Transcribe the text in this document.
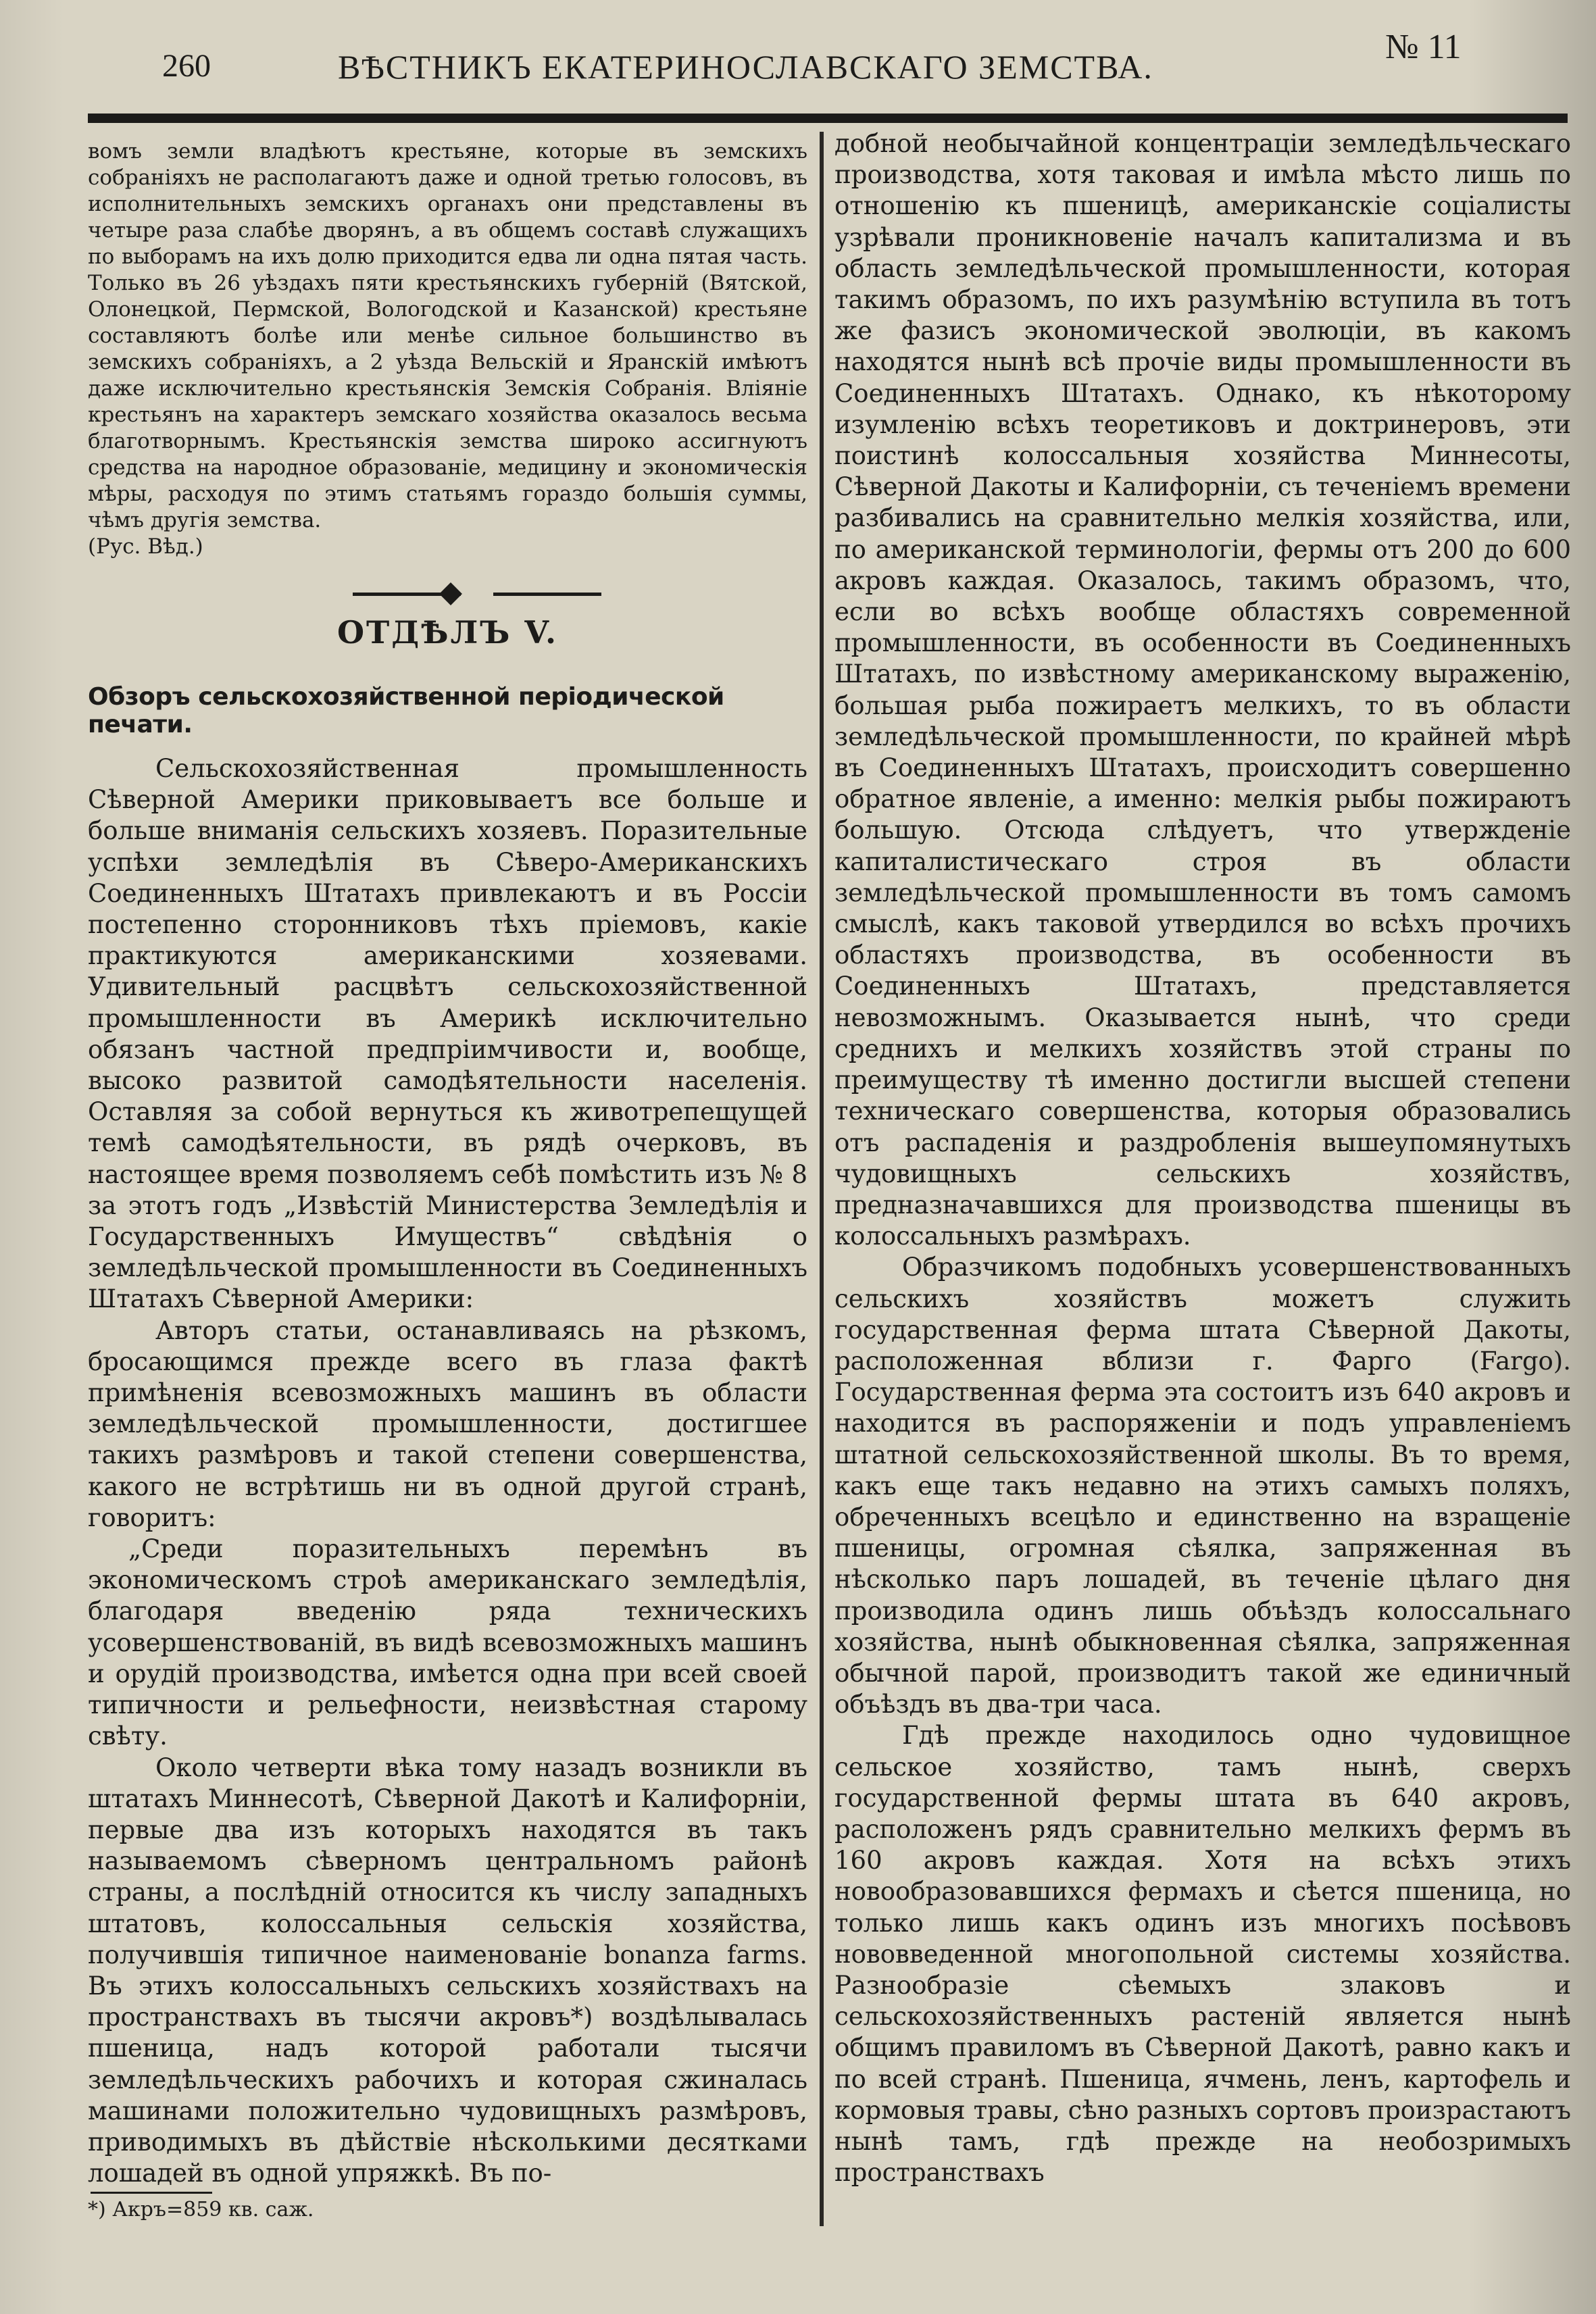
260	ВѢСТНИКЪ ЕКАТЕРИНОСЛАВСКАГО ЗЕМСТВА.
№ 11

вомъ земли владѣютъ крестьяне, которые въ земскихъ собраніяхъ не располагаютъ даже и одной третью голосовъ, въ исполнительныхъ земскихъ органахъ они представлены въ четыре раза слабѣе дворянъ, а въ общемъ составѣ служащихъ по выборамъ на ихъ долю приходится едва ли одна пятая часть. Только въ 26 уѣздахъ пяти крестьянскихъ губерній (Вятской, Олонецкой, Пермской, Вологодской и Казанской) крестьяне составляютъ болѣе или менѣе сильное большинство въ земскихъ собраніяхъ, а 2 уѣзда Вельскій и Яранскій имѣютъ даже исключительно крестьянскія Земскія Собранія. Вліяніе крестьянъ на характеръ земскаго хозяйства оказалось весьма благотворнымъ. Крестьянскія земства широко ассигнуютъ средства на народное образованіе, медицину и экономическія мѣры, расходуя по этимъ статьямъ гораздо большія суммы, чѣмъ другія земства.

(Рус. Вѣд.)

ОТДѢЛЪ V.
Обзоръ сельскохозяйственной періодической печати.

Сельскохозяйственная промышленность Сѣверной Америки приковываетъ все больше и больше вниманія сельскихъ хозяевъ. Поразительные успѣхи земледѣлія въ Сѣверо-Американскихъ Соединенныхъ Штатахъ привлекаютъ и въ Россіи постепенно сторонниковъ тѣхъ пріемовъ, какіе практикуются американскими хозяевами. Удивительный расцвѣтъ сельскохозяйственной промышленности въ Америкѣ исключительно обязанъ частной предпріимчивости и, вообще, высоко развитой самодѣятельности населенія. Оставляя за собой вернуться къ животрепещущей темѣ самодѣятельности, въ рядѣ очерковъ, въ настоящее время позволяемъ себѣ помѣстить изъ № 8 за этотъ годъ „Извѣстій Министерства Земледѣлія и Государственныхъ Имуществъ“ свѣдѣнія о земледѣльческой промышленности въ Соединенныхъ Штатахъ Сѣверной Америки:

Авторъ статьи, останавливаясь на рѣзкомъ, бросающимся прежде всего въ глаза фактѣ примѣненія всевозможныхъ машинъ въ области земледѣльческой промышленности, достигшее такихъ размѣровъ и такой степени совершенства, какого не встрѣтишь ни въ одной другой странѣ, говоритъ:

„Среди поразительныхъ перемѣнъ въ экономическомъ строѣ американскаго земледѣлія, благодаря введенію ряда техническихъ усовершенствованій, въ видѣ всевозможныхъ машинъ и орудій производства, имѣется одна при всей своей типичности и рельефности, неизвѣстная старому свѣту.

Около четверти вѣка тому назадъ возникли въ штатахъ Миннесотѣ, Сѣверной Дакотѣ и Калифорніи, первые два изъ которыхъ находятся въ такъ называемомъ сѣверномъ центральномъ районѣ страны, а послѣдній относится къ числу западныхъ штатовъ, колоссальныя сельскія хозяйства, получившія типичное наименованіе bonanza farms. Въ этихъ колоссальныхъ сельскихъ хозяйствахъ на пространствахъ въ тысячи акровъ*) воздѣлывалась пшеница, надъ которой работали тысячи земледѣльческихъ рабочихъ и которая сжиналась машинами положительно чудовищныхъ размѣровъ, приводимыхъ въ дѣйствіе нѣсколькими десятками лошадей въ одной упряжкѣ. Въ по-

*) Акръ=859 кв. саж.

добной необычайной концентраціи земледѣльческаго производства, хотя таковая и имѣла мѣсто лишь по отношенію къ пшеницѣ, американскіе соціалисты узрѣвали проникновеніе началъ капитализма и въ область земледѣльческой промышленности, которая такимъ образомъ, по ихъ разумѣнію вступила въ тотъ же фазисъ экономической эволюціи, въ какомъ находятся нынѣ всѣ прочіе виды промышленности въ Соединенныхъ Штатахъ. Однако, къ нѣкоторому изумленію всѣхъ теоретиковъ и доктринеровъ, эти поистинѣ колоссальныя хозяйства Миннесоты, Сѣверной Дакоты и Калифорніи, съ теченіемъ времени разбивались на сравнительно мелкія хозяйства, или, по американской терминологіи, фермы отъ 200 до 600 акровъ каждая. Оказалось, такимъ образомъ, что, если во всѣхъ вообще областяхъ современной промышленности, въ особенности въ Соединенныхъ Штатахъ, по извѣстному американскому выраженію, большая рыба пожираетъ мелкихъ, то въ области земледѣльческой промышленности, по крайней мѣрѣ въ Соединенныхъ Штатахъ, происходитъ совершенно обратное явленіе, а именно: мелкія рыбы пожираютъ большую. Отсюда слѣдуетъ, что утвержденіе капиталистическаго строя въ области земледѣльческой промышленности въ томъ самомъ смыслѣ, какъ таковой утвердился во всѣхъ прочихъ областяхъ производства, въ особенности въ Соединенныхъ Штатахъ, представляется невозможнымъ. Оказывается нынѣ, что среди среднихъ и мелкихъ хозяйствъ этой страны по преимуществу тѣ именно достигли высшей степени техническаго совершенства, которыя образовались отъ распаденія и раздробленія вышеупомянутыхъ чудовищныхъ сельскихъ хозяйствъ, предназначавшихся для производства пшеницы въ колоссальныхъ размѣрахъ.

Образчикомъ подобныхъ усовершенствованныхъ сельскихъ хозяйствъ можетъ служить государственная ферма штата Сѣверной Дакоты, расположенная вблизи г. Фарго (Fargo). Государственная ферма эта состоитъ изъ 640 акровъ и находится въ распоряженіи и подъ управленіемъ штатной сельскохозяйственной школы. Въ то время, какъ еще такъ недавно на этихъ самыхъ поляхъ, обреченныхъ всецѣло и единственно на взращеніе пшеницы, огромная сѣялка, запряженная въ нѣсколько паръ лошадей, въ теченіе цѣлаго дня производила одинъ лишь объѣздъ колоссальнаго хозяйства, нынѣ обыкновенная сѣялка, запряженная обычной парой, производитъ такой же единичный объѣздъ въ два-три часа.

Гдѣ прежде находилось одно чудовищное сельское хозяйство, тамъ нынѣ, сверхъ государственной фермы штата въ 640 акровъ, расположенъ рядъ сравнительно мелкихъ фермъ въ 160 акровъ каждая. Хотя на всѣхъ этихъ новообразовавшихся фермахъ и сѣется пшеница, но только лишь какъ одинъ изъ многихъ посѣвовъ нововведенной многопольной системы хозяйства. Разнообразіе сѣемыхъ злаковъ и сельскохозяйственныхъ растеній является нынѣ общимъ правиломъ въ Сѣверной Дакотѣ, равно какъ и по всей странѣ. Пшеница, ячмень, ленъ, картофель и кормовыя травы, сѣно разныхъ сортовъ произрастаютъ нынѣ тамъ, гдѣ прежде на необозримыхъ пространствахъ
